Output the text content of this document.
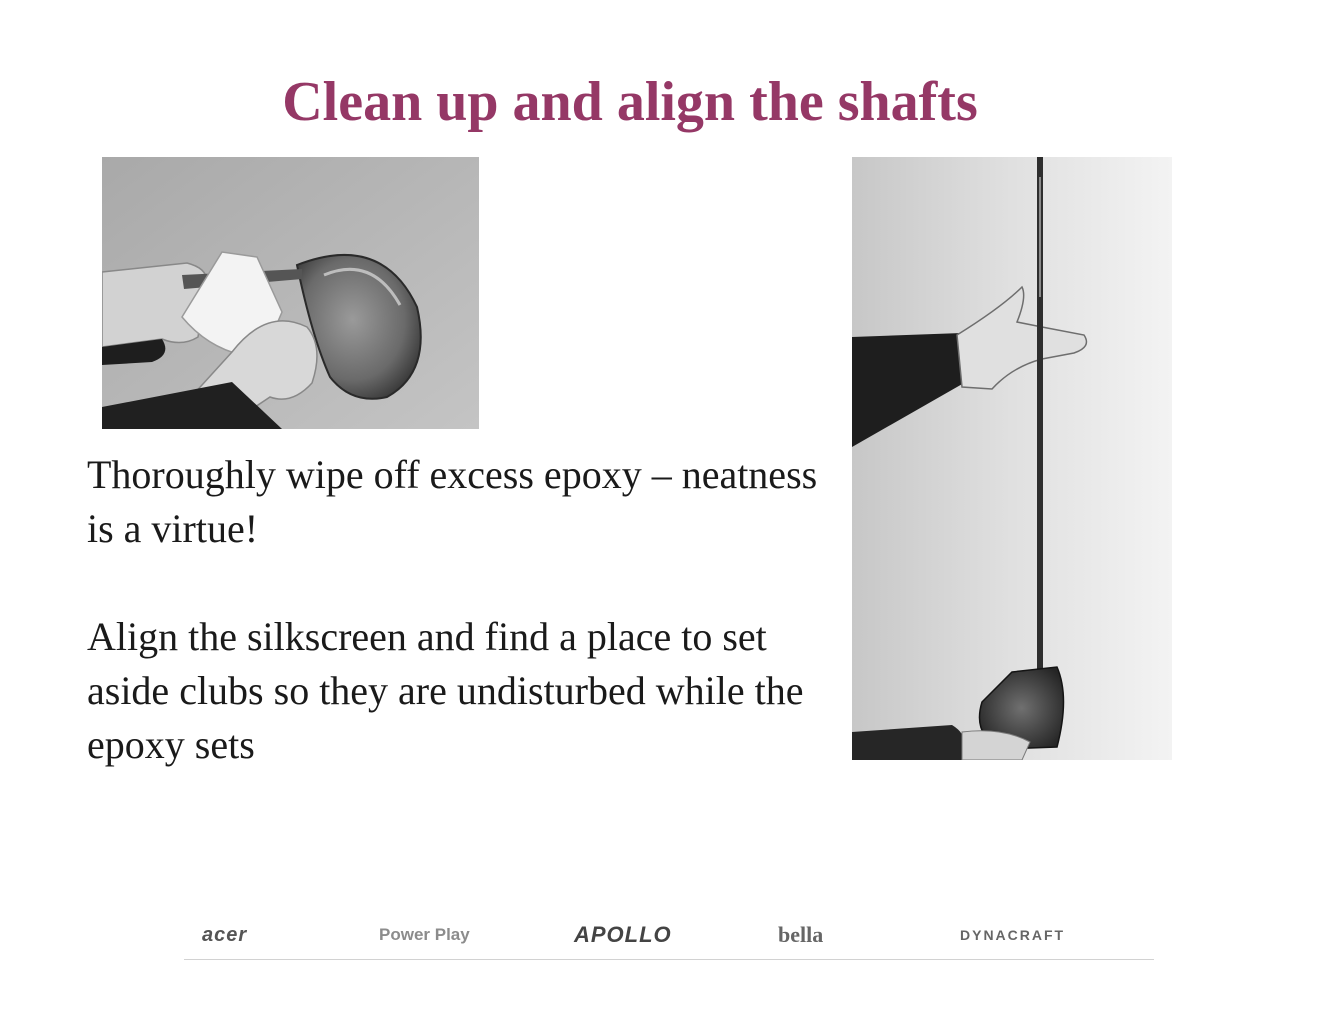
Clean up and align the shafts

Thoroughly wipe off excess epoxy – neatness is a virtue!

Align the silkscreen and find a place to set aside clubs so they are undisturbed while the epoxy sets

acer	Power Play	APOLLO	bella	DYNACRAFT
